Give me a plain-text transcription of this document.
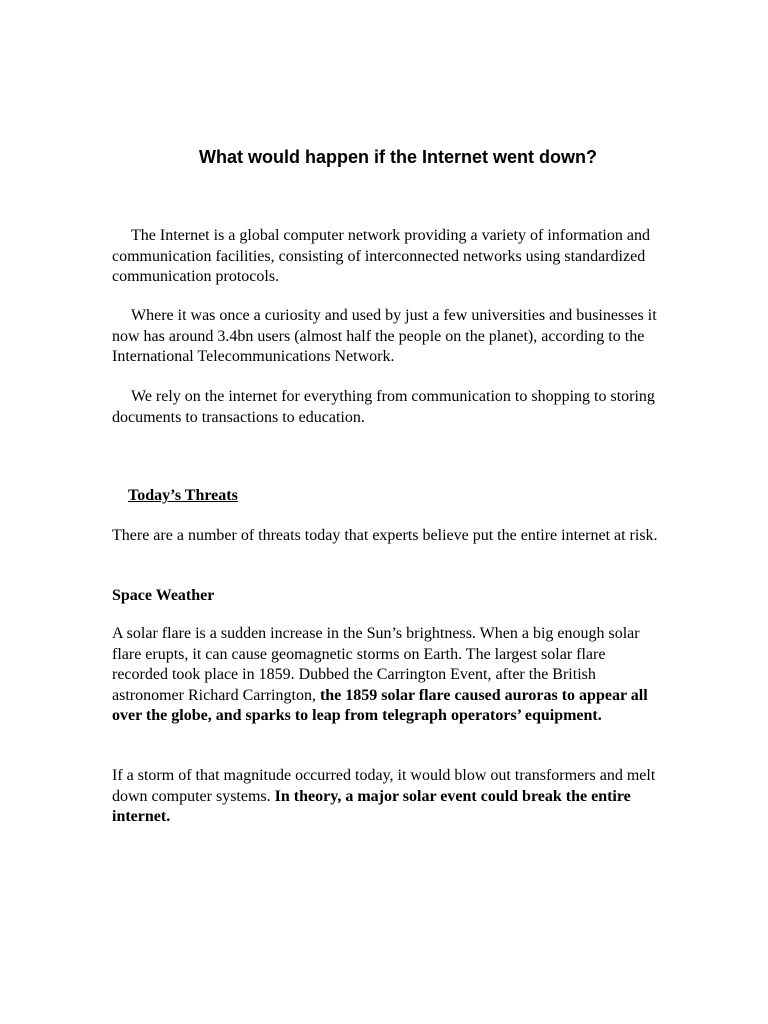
What would happen if the Internet went down?

The Internet is a global computer network providing a variety of information and communication facilities, consisting of interconnected networks using standardized communication protocols.

Where it was once a curiosity and used by just a few universities and businesses it now has around 3.4bn users (almost half the people on the planet), according to the International Telecommunications Network.

We rely on the internet for everything from communication to shopping to storing documents to transactions to education.

Today’s Threats

There are a number of threats today that experts believe put the entire internet at risk.

Space Weather

A solar flare is a sudden increase in the Sun’s brightness. When a big enough solar flare erupts, it can cause geomagnetic storms on Earth. The largest solar flare recorded took place in 1859. Dubbed the Carrington Event, after the British astronomer Richard Carrington, the 1859 solar flare caused auroras to appear all over the globe, and sparks to leap from telegraph operators’ equipment.

If a storm of that magnitude occurred today, it would blow out transformers and melt down computer systems. In theory, a major solar event could break the entire internet.
